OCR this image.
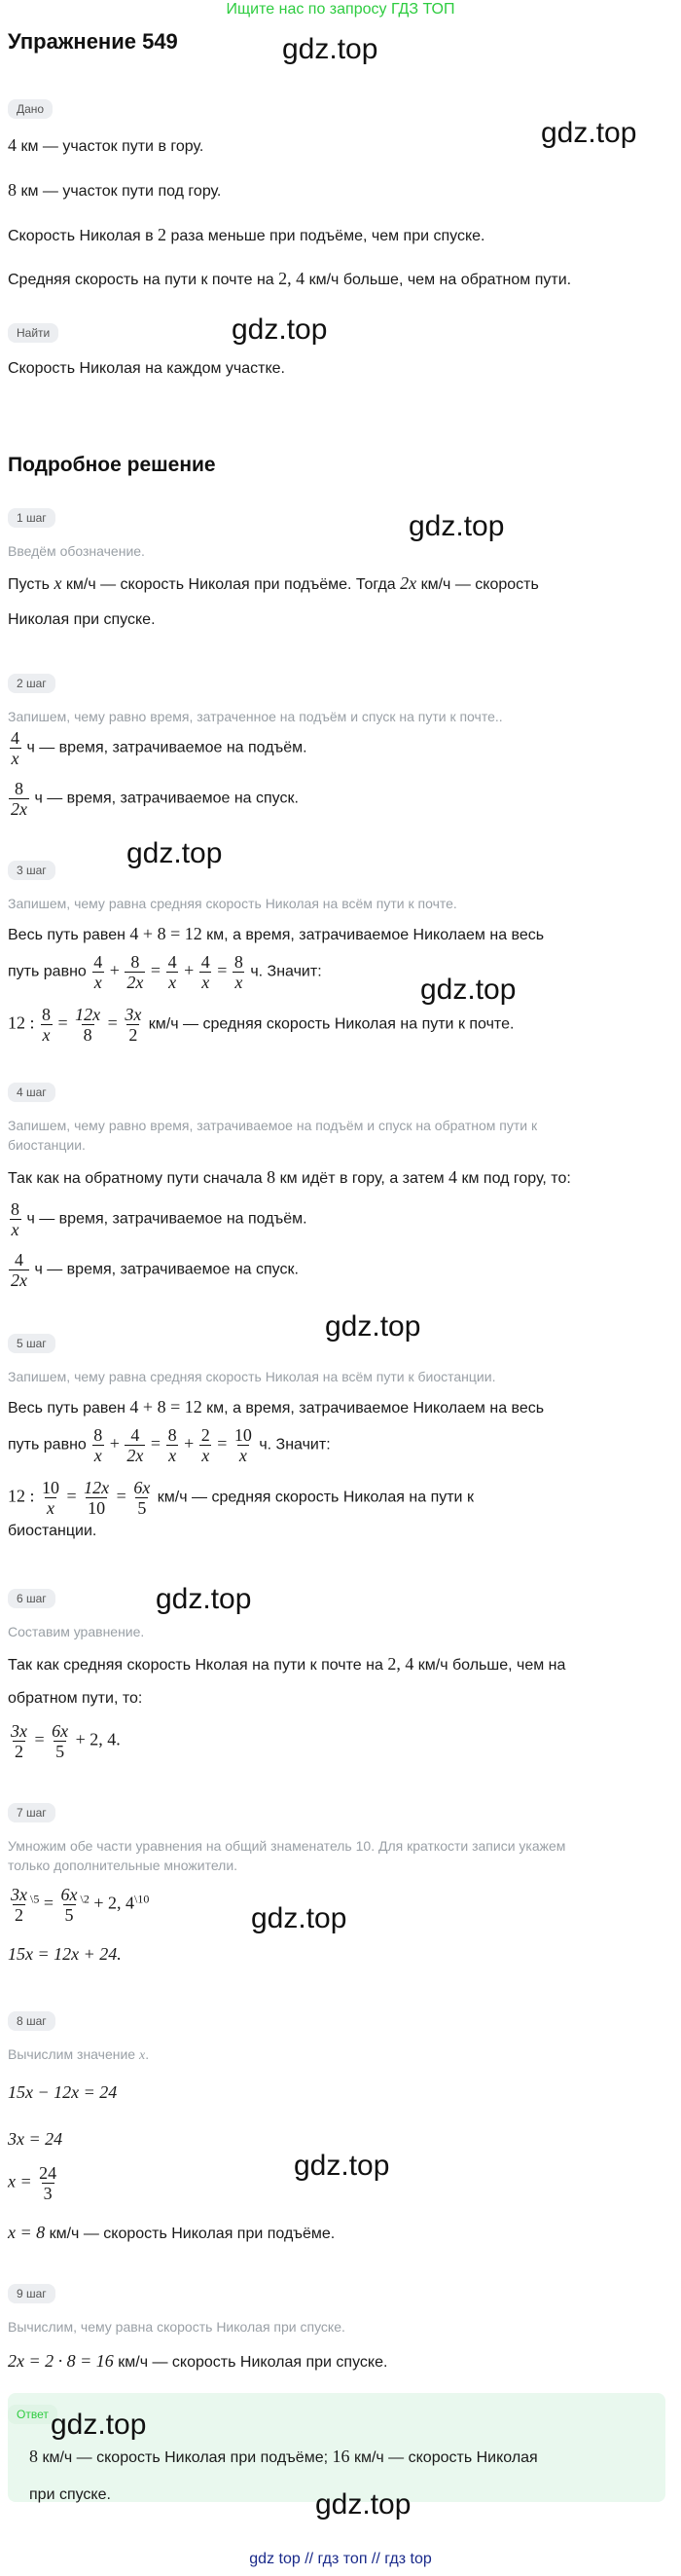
Ищите нас по запросу ГДЗ ТОП
gdz.top
gdz.top
gdz.top
gdz.top
gdz.top
gdz.top
gdz.top
gdz.top
gdz.top
gdz.top
Упражнение 549
Дано
4 км — участок пути в гору.
8 км — участок пути под гору.
Скорость Николая в 2 раза меньше при подъёме, чем при спуске.
Средняя скорость на пути к почте на 2, 4 км/ч больше, чем на обратном пути.
Найти
Скорость Николая на каждом участке.
Подробное решение
1 шаг
Введём обозначение.
Пусть x км/ч — скорость Николая при подъёме. Тогда 2x км/ч — скорость
Николая при спуске.
2 шаг
Запишем, чему равно время, затраченное на подъём и спуск на пути к почте..
$\frac{4}{x}$ ч — время, затрачиваемое на подъём.
$\frac{8}{2x}$ ч — время, затрачиваемое на спуск.
3 шаг
Запишем, чему равна средняя скорость Николая на всём пути к почте.
Весь путь равен 4 + 8 = 12 км, а время, затрачиваемое Николаем на весь
путь равно $\frac{4}{x} + \frac{8}{2x} = \frac{4}{x} + \frac{4}{x} = \frac{8}{x} ч$. Значит:
12 : $\frac{8}{x} = \frac{12x}{8} = \frac{3x}{2} км/ч$ — средняя скорость Николая на пути к почте.
4 шаг
Запишем, чему равно время, затрачиваемое на подъём и спуск на обратном пути к
биостанции.
Так как на обратному пути сначала 8 км идёт в гору, а затем 4 км под гору, то:
$\frac{8}{x}$ ч — время, затрачиваемое на подъём.
$\frac{4}{2x}$ ч — время, затрачиваемое на спуск.
5 шаг
Запишем, чему равна средняя скорость Николая на всём пути к биостанции.
Весь путь равен 4 + 8 = 12 км, а время, затрачиваемое Николаем на весь
путь равно $\frac{8}{x} + \frac{4}{2x} = \frac{8}{x} + \frac{2}{x} = \frac{10}{x} ч$. Значит:
12 : $\frac{10}{x} = \frac{12x}{10} = \frac{6x}{5} км/ч$ — средняя скорость Николая на пути к
биостанции.
6 шаг
Составим уравнение.
Так как средняя скорость Нколая на пути к почте на 2, 4 км/ч больше, чем на
обратном пути, то:
$\frac{3x}{2} = \frac{6x}{5} + 2$, 4.
7 шаг
Умножим обе части уравнения на общий знаменатель 10. Для краткости записи укажем
только дополнительные множители.
$\frac{3x}{2} ^{\backslash 5} = \frac{6x}{5} ^{\backslash 2} + 2$, $4^{\backslash 10}$
15x = 12x + 24.
8 шаг
Вычислим значение x.
15x − 12x = 24
3x = 24
$x = \frac{24}{3}$
x = 8 км/ч — скорость Николая при подъёме.
9 шаг
Вычислим, чему равна скорость Николая при спуске.
2x = 2 · 8 = 16 км/ч — скорость Николая при спуске.
Ответ
8 км/ч — скорость Николая при подъёме; 16 км/ч — скорость Николая
при спуске.
gdz.top
gdz.top
gdz top // гдз топ // гдз top
